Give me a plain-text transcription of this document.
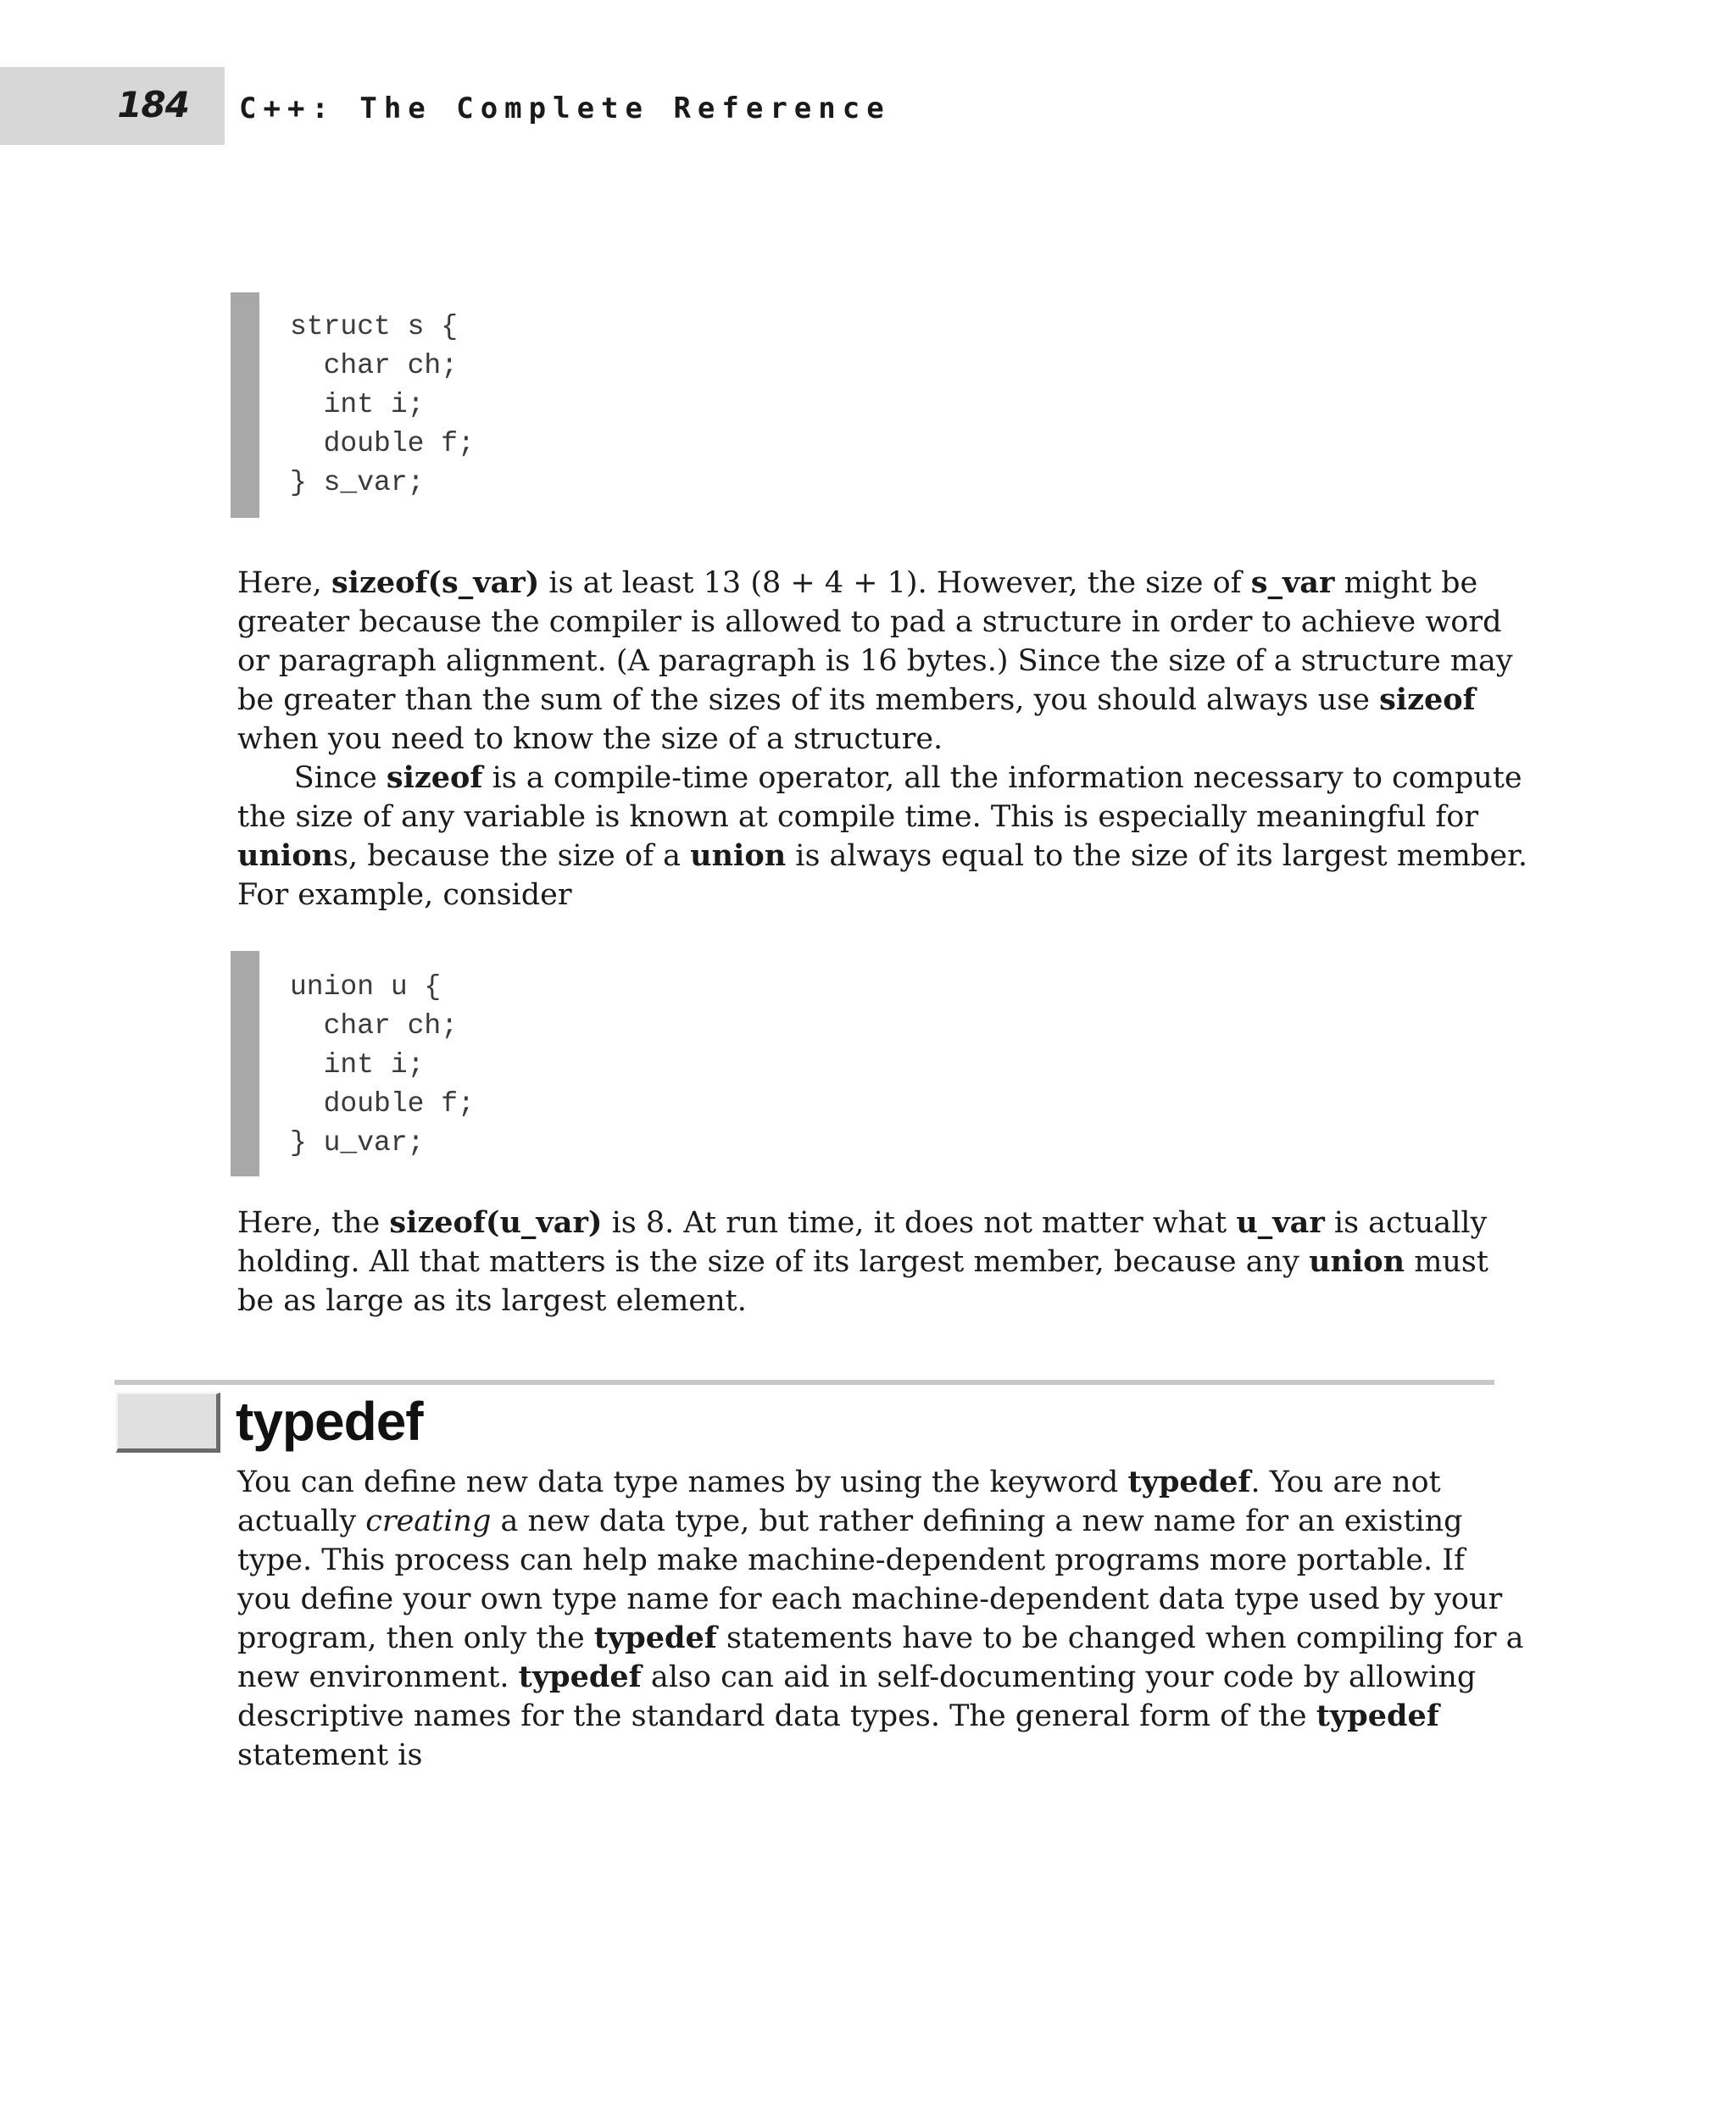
184 C++: The Complete Reference
struct s {
char ch;
int i;
double f;
} s_var;
Here, sizeof(s_var) is at least 13 (8 + 4 + 1). However, the size of s_var might be
greater because the compiler is allowed to pad a structure in order to achieve word
or paragraph alignment. (A paragraph is 16 bytes.) Since the size of a structure may
be greater than the sum of the sizes of its members, you should always use sizeof
when you need to know the size of a structure.
Since sizeof is a compile-time operator, all the information necessary to compute
the size of any variable is known at compile time. This is especially meaningful for
unions, because the size of a union is always equal to the size of its largest member.
For example, consider
union u {
char ch;
int i;
double f;
} u_var;
Here, the sizeof(u_var) is 8. At run time, it does not matter what u_var is actually
holding. All that matters is the size of its largest member, because any union must
be as large as its largest element.
typedef
You can define new data type names by using the keyword typedef. You are not
actually creating a new data type, but rather defining a new name for an existing
type. This process can help make machine-dependent programs more portable. If
you define your own type name for each machine-dependent data type used by your
program, then only the typedef statements have to be changed when compiling for a
new environment. typedef also can aid in self-documenting your code by allowing
descriptive names for the standard data types. The general form of the typedef
statement is
